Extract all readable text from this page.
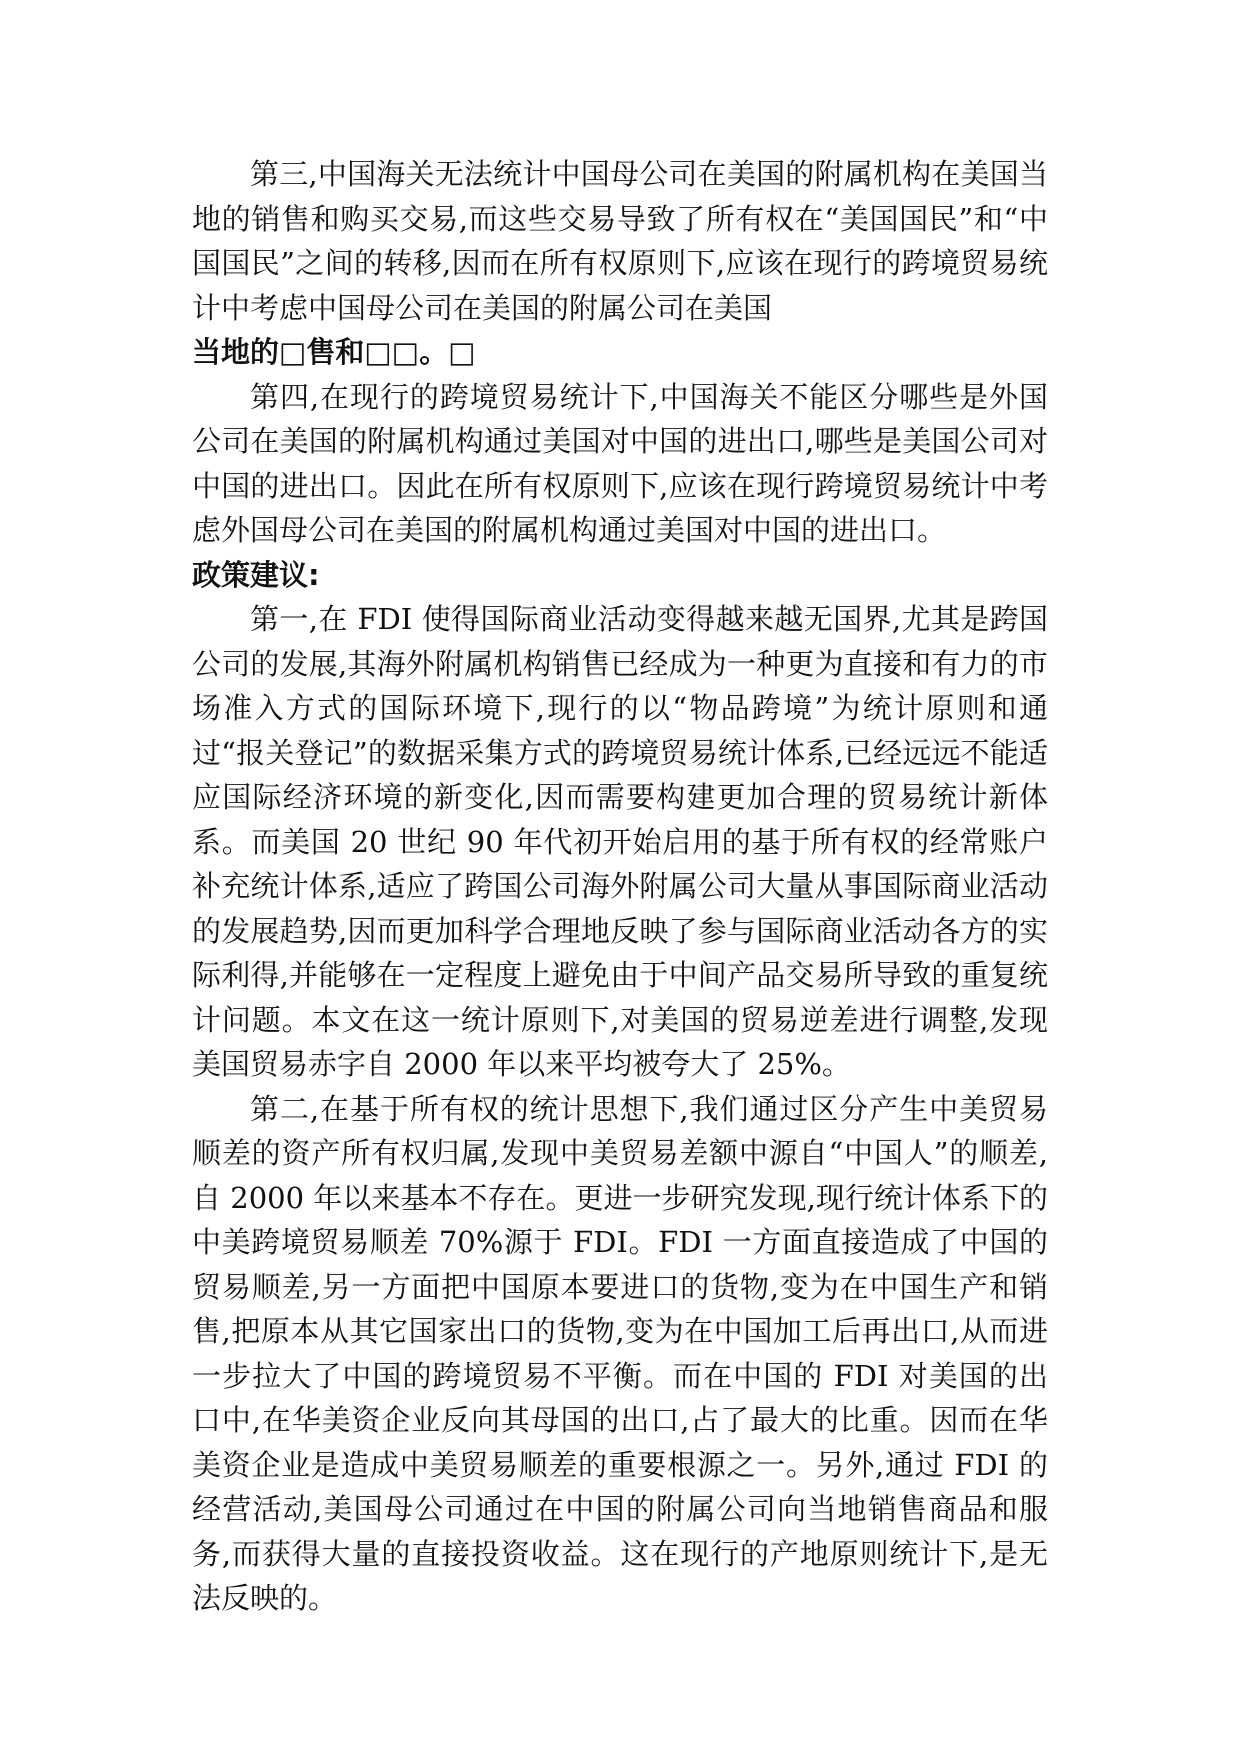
第三,中国海关无法统计中国母公司在美国的附属机构在美国当地的销售和购买交易,而这些交易导致了所有权在“美国国民”和“中国国民”之间的转移,因而在所有权原则下,应该在现行的跨境贸易统计中考虑中国母公司在美国的附属公司在美国

当地的□售和□□。□

第四,在现行的跨境贸易统计下,中国海关不能区分哪些是外国公司在美国的附属机构通过美国对中国的进出口,哪些是美国公司对中国的进出口。因此在所有权原则下,应该在现行跨境贸易统计中考虑外国母公司在美国的附属机构通过美国对中国的进出口。

政策建议:

第一,在 FDI 使得国际商业活动变得越来越无国界,尤其是跨国公司的发展,其海外附属机构销售已经成为一种更为直接和有力的市场准入方式的国际环境下,现行的以“物品跨境”为统计原则和通过“报关登记”的数据采集方式的跨境贸易统计体系,已经远远不能适应国际经济环境的新变化,因而需要构建更加合理的贸易统计新体系。而美国 20 世纪 90 年代初开始启用的基于所有权的经常账户补充统计体系,适应了跨国公司海外附属公司大量从事国际商业活动的发展趋势,因而更加科学合理地反映了参与国际商业活动各方的实际利得,并能够在一定程度上避免由于中间产品交易所导致的重复统计问题。本文在这一统计原则下,对美国的贸易逆差进行调整,发现美国贸易赤字自 2000 年以来平均被夸大了 25%。

第二,在基于所有权的统计思想下,我们通过区分产生中美贸易顺差的资产所有权归属,发现中美贸易差额中源自“中国人”的顺差,自 2000 年以来基本不存在。更进一步研究发现,现行统计体系下的中美跨境贸易顺差 70%源于 FDI。FDI 一方面直接造成了中国的贸易顺差,另一方面把中国原本要进口的货物,变为在中国生产和销售,把原本从其它国家出口的货物,变为在中国加工后再出口,从而进一步拉大了中国的跨境贸易不平衡。而在中国的 FDI 对美国的出口中,在华美资企业反向其母国的出口,占了最大的比重。因而在华美资企业是造成中美贸易顺差的重要根源之一。另外,通过 FDI 的经营活动,美国母公司通过在中国的附属公司向当地销售商品和服务,而获得大量的直接投资收益。这在现行的产地原则统计下,是无法反映的。
